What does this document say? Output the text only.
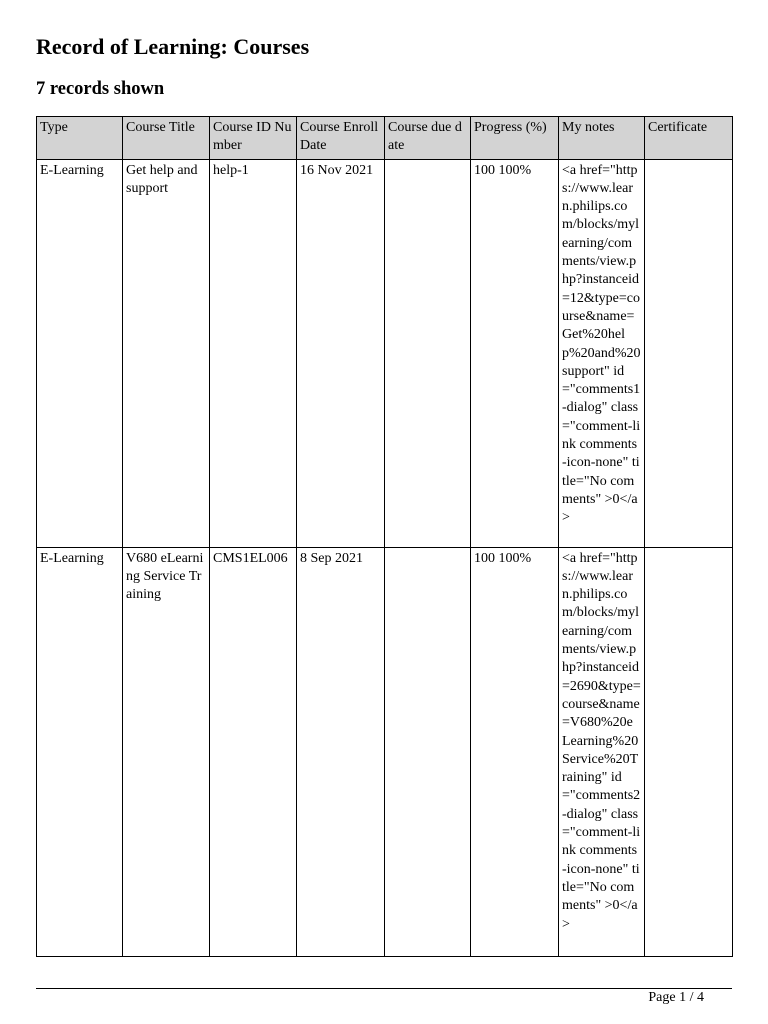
Record of Learning: Courses
7 records shown
Type	Course Title	Course ID Number	Course Enroll Date	Course due date	Progress (%)	My notes	Certificate
E-Learning	Get help and support	help-1	16 Nov 2021		100 100%	<a href="https://www.learn.philips.com/blocks/mylearning/comments/view.php?instanceid=12&type=course&name=Get%20help%20and%20support" id="comments1-dialog" class="comment-link comments-icon-none" title="No comments" >0</a>	
E-Learning	V680 eLearning Service Training	CMS1EL006	8 Sep 2021		100 100%	<a href="https://www.learn.philips.com/blocks/mylearning/comments/view.php?instanceid=2690&type=course&name=V680%20eLearning%20Service%20Training" id="comments2-dialog" class="comment-link comments-icon-none" title="No comments" >0</a>	
Page 1 / 4
